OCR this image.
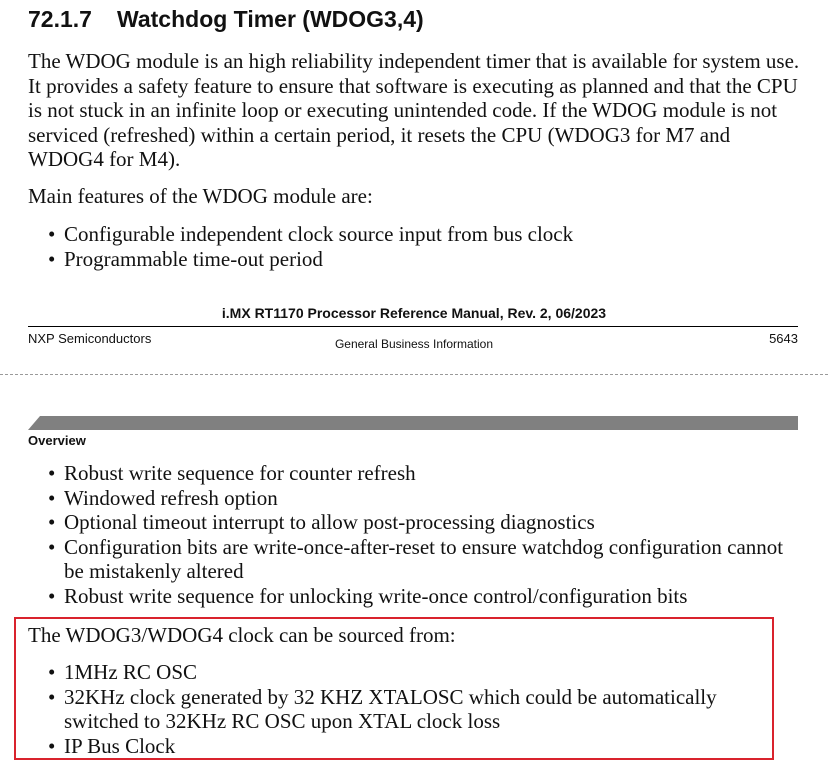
72.1.7 Watchdog Timer (WDOG3,4)

The WDOG module is an high reliability independent timer that is available for system use. It provides a safety feature to ensure that software is executing as planned and that the CPU is not stuck in an infinite loop or executing unintended code. If the WDOG module is not serviced (refreshed) within a certain period, it resets the CPU (WDOG3 for M7 and WDOG4 for M4).

Main features of the WDOG module are:

• Configurable independent clock source input from bus clock
• Programmable time-out period
i.MX RT1170 Processor Reference Manual, Rev. 2, 06/2023
NXP Semiconductors	General Business Information	5643
Overview
• Robust write sequence for counter refresh
• Windowed refresh option
• Optional timeout interrupt to allow post-processing diagnostics
• Configuration bits are write-once-after-reset to ensure watchdog configuration cannot be mistakenly altered
• Robust write sequence for unlocking write-once control/configuration bits

The WDOG3/WDOG4 clock can be sourced from:

• 1MHz RC OSC
• 32KHz clock generated by 32 KHZ XTALOSC which could be automatically switched to 32KHz RC OSC upon XTAL clock loss
• IP Bus Clock
